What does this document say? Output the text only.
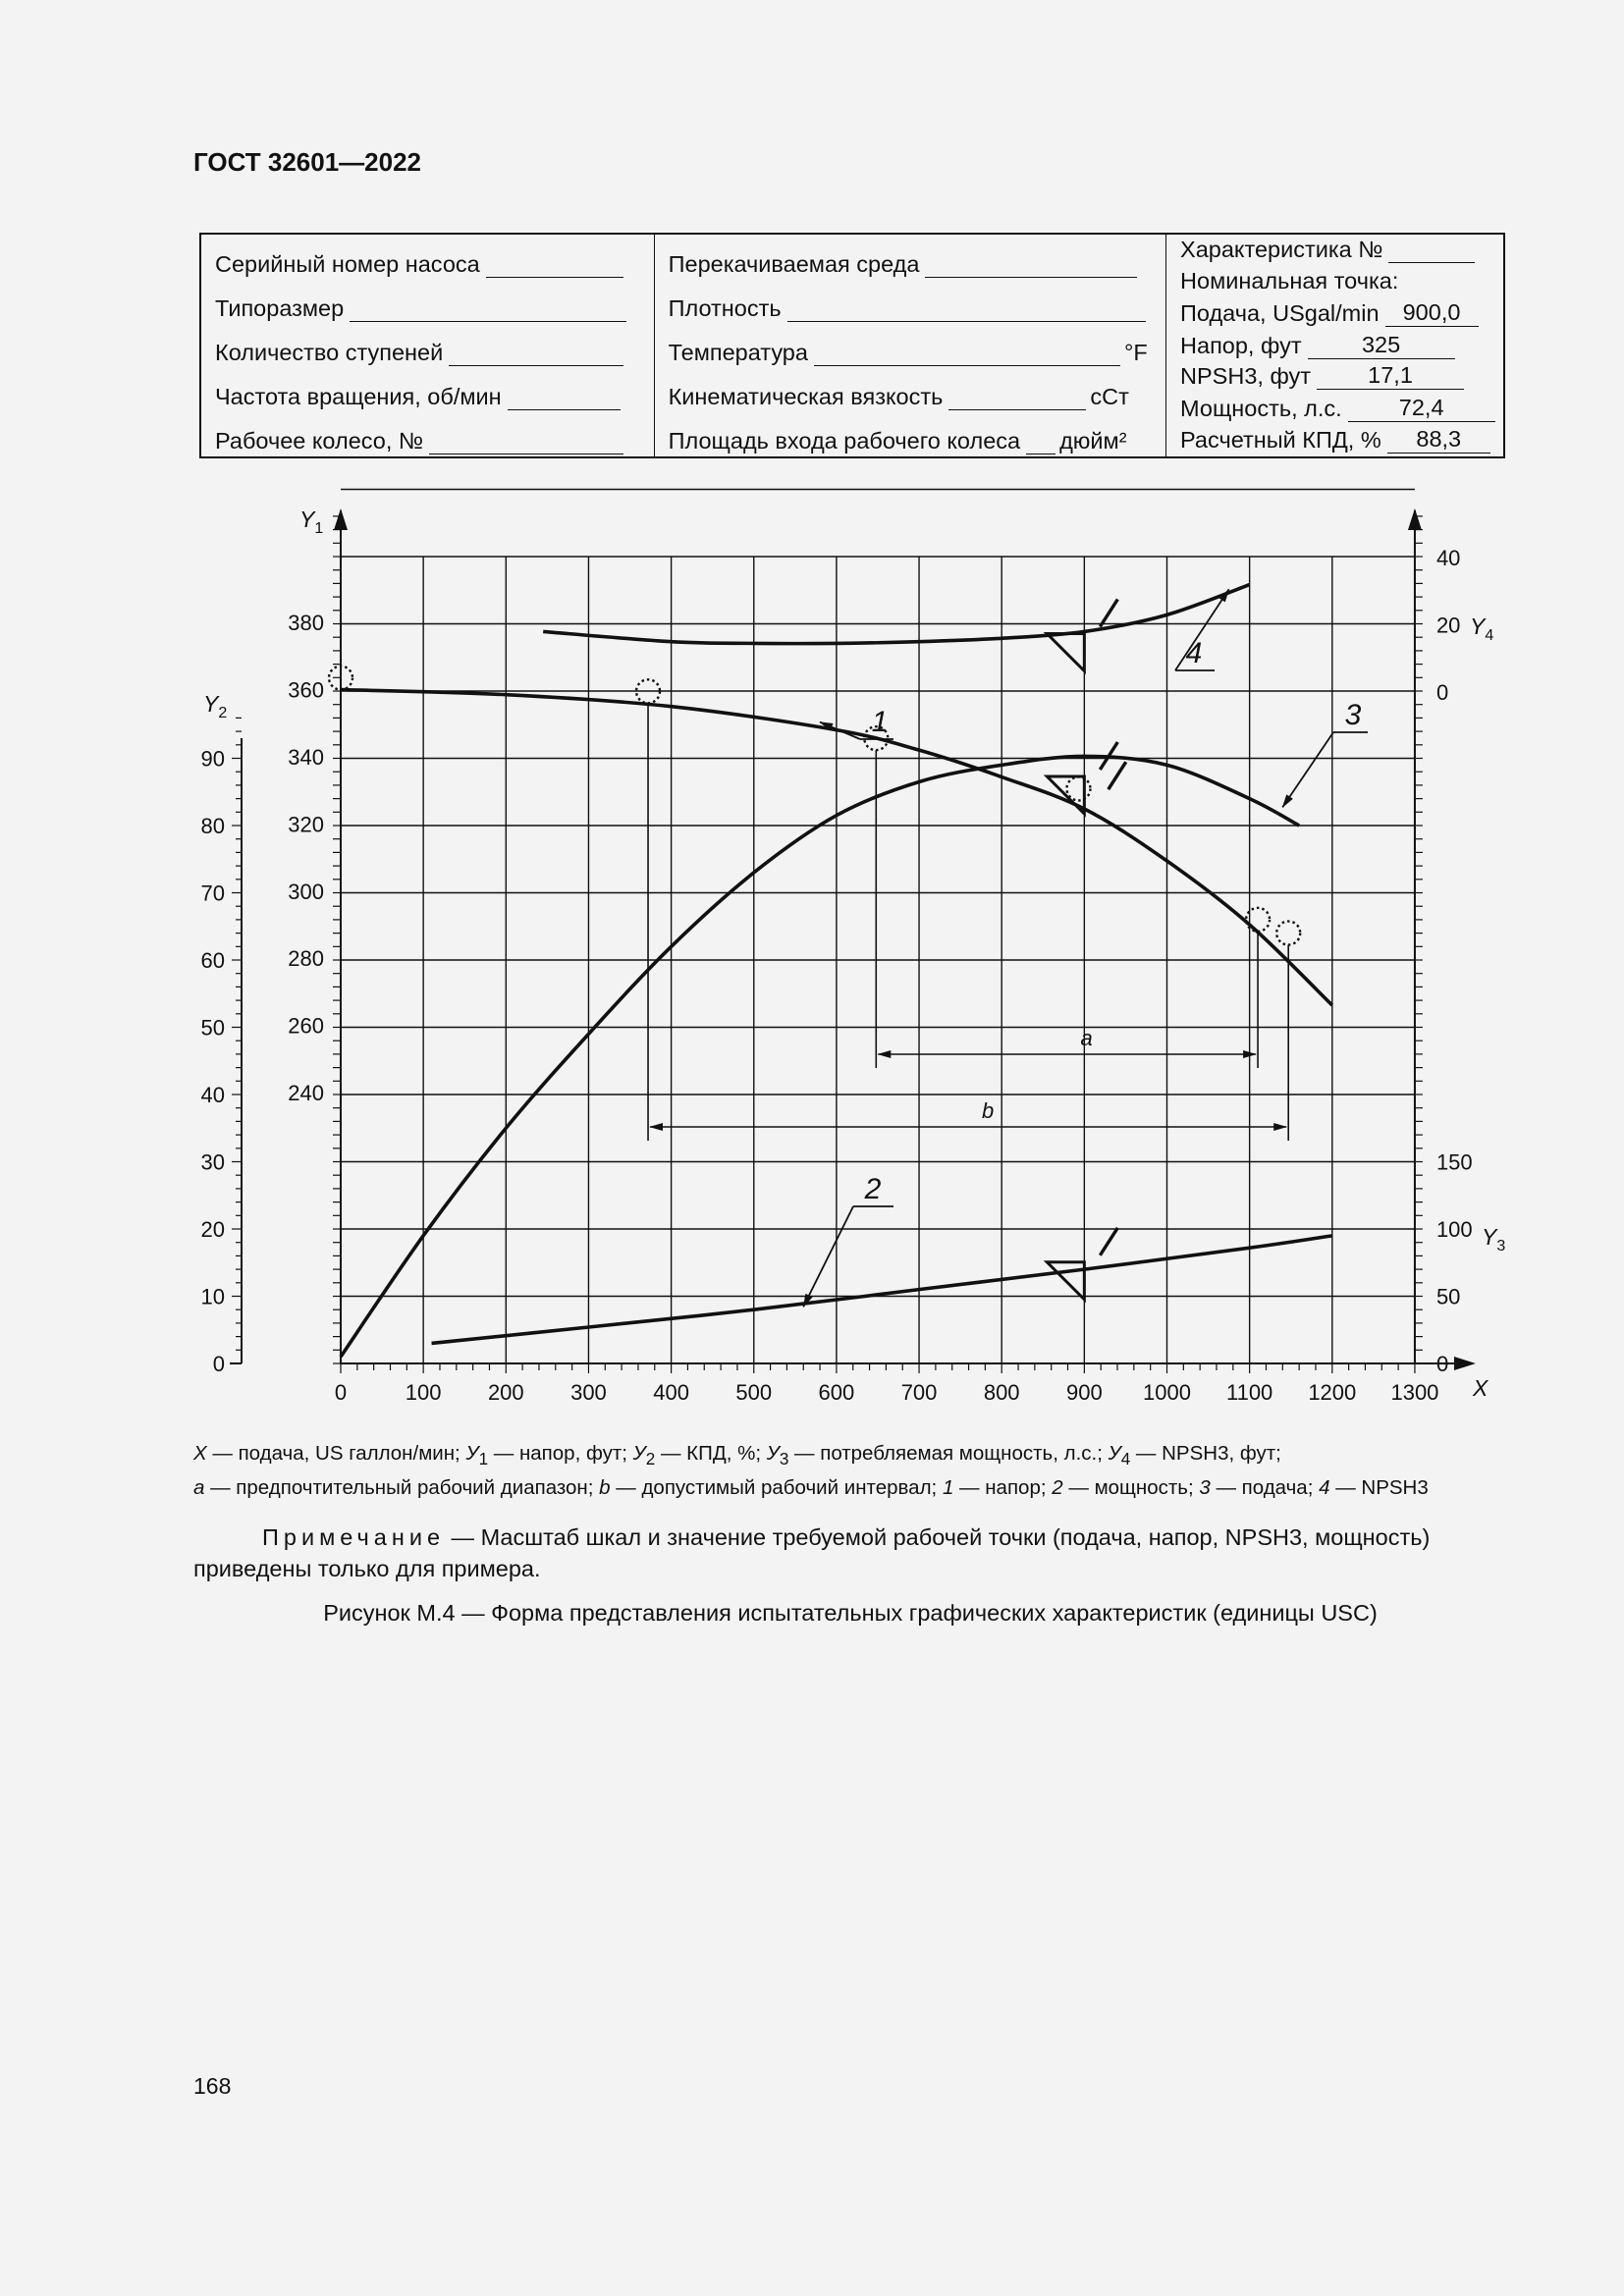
ГОСТ 32601—2022
Серийный номер насоса
Типоразмер
Количество ступеней
Частота вращения, об/мин
Рабочее колесо, №
Перекачиваемая среда
Плотность
Температура	°F
Кинематическая вязкость	сСт
Площадь входа рабочего колеса дюйм²
Характеристика №
Номинальная точка:
Подача, USgal/min	900,0
Напор, фут	325
NPSH3, фут	17,1
Мощность, л.с.	72,4
Расчетный КПД, %	88,3
0	100 200 300 400 500 600 700 800 900 1000 1100 1200 1300
240
260
280
300
320
340
360
380
0
10
20
30
40
50
60
70
80
90
0
50
100
150
0
20
40
$Y_1$
$Y_2$
$Y_3$
$Y_4$
X
a
b
1
2
3
4
X — подача, US галлон/мин; $У_1$ — напор, фут; $У_2$ — КПД, %; $У_3$ — потребляемая мощность, л.с.; $У_4$ — NPSH3, фут;
a — предпочтительный рабочий диапазон; b — допустимый рабочий интервал; 1 — напор; 2 — мощность; 3 — подача; 4 — NPSH3
Примечание — Масштаб шкал и значение требуемой рабочей точки (подача, напор, NPSH3, мощность) приведены только для примера.
Рисунок М.4 — Форма представления испытательных графических характеристик (единицы USC)
168
